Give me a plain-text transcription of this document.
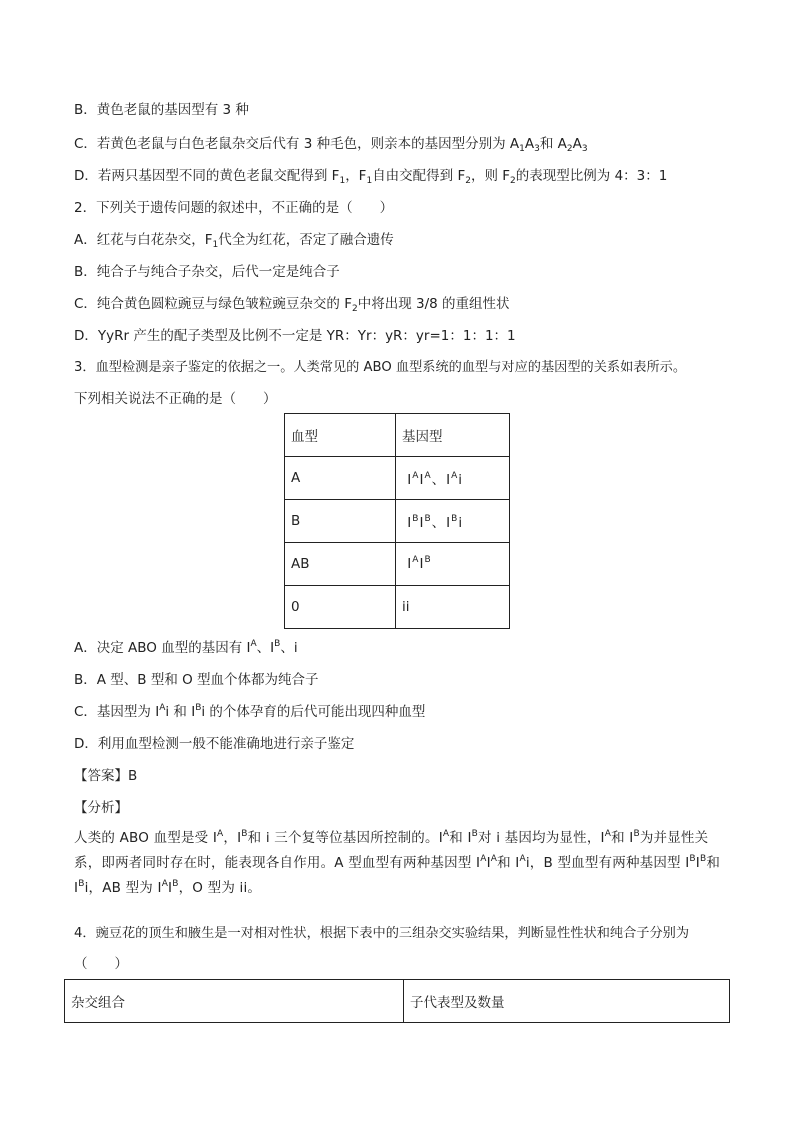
B．黄色老鼠的基因型有 3 种
C．若黄色老鼠与白色老鼠杂交后代有 3 种毛色，则亲本的基因型分别为 $A_1A_3$和 $A_2A_3$
D．若两只基因型不同的黄色老鼠交配得到 $F_1$，$F_1$自由交配得到 $F_2$，则 $F_2$的表现型比例为 4：3：1
2．下列关于遗传问题的叙述中，不正确的是（　　）
A．红花与白花杂交，$F_1$代全为红花，否定了融合遗传
B．纯合子与纯合子杂交，后代一定是纯合子
C．纯合黄色圆粒豌豆与绿色皱粒豌豆杂交的 $F_2$中将出现 3/8 的重组性状
D．YyRr 产生的配子类型及比例不一定是 YR：Yr：yR：yr=1：1：1：1
3．血型检测是亲子鉴定的依据之一。人类常见的 ABO 血型系统的血型与对应的基因型的关系如表所示。
下列相关说法不正确的是（　　）
血型	基因型
A	$I^AI^A$、$I^Ai$
B	$I^BI^B$、$I^Bi$
AB	$I^AI^B$
0	ii
A．决定 ABO 血型的基因有 $I^A$、$I^B$、i
B．A 型、B 型和 O 型血个体都为纯合子
C．基因型为 $I^Ai$ 和 $I^Bi$ 的个体孕育的后代可能出现四种血型
D．利用血型检测一般不能准确地进行亲子鉴定
【答案】B
【分析】
人类的 ABO 血型是受 $I^A$，$I^B$和 i 三个复等位基因所控制的。$I^A$和 $I^B$对 i 基因均为显性，$I^A$和 $I^B$为并显性关系，即两者同时存在时，能表现各自作用。A 型血型有两种基因型 $I^AI^A$和 $I^Ai$，B 型血型有两种基因型 $I^BI^B$和 $I^Bi$，AB 型为 $I^AI^B$，O 型为 ii。
4．豌豆花的顶生和腋生是一对相对性状，根据下表中的三组杂交实验结果，判断显性性状和纯合子分别为
（　　）
杂交组合	子代表型及数量
